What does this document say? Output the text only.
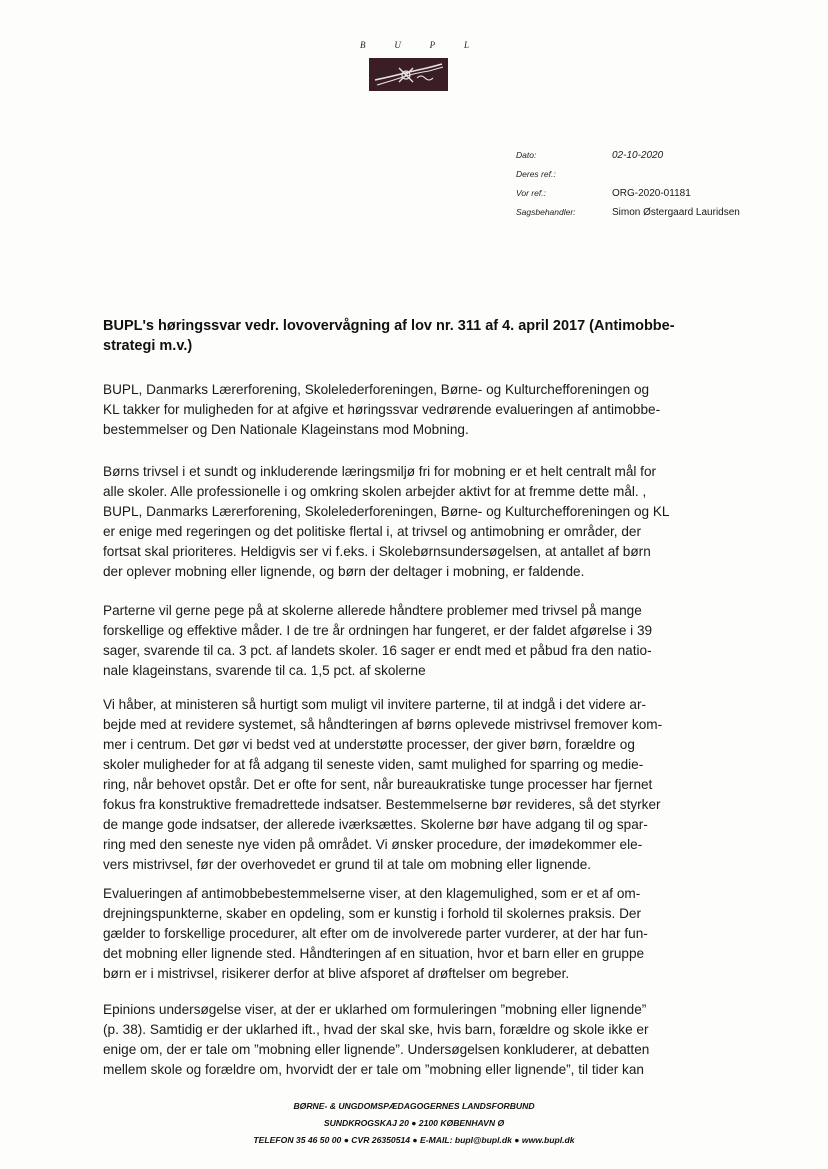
B	U	P	L
Dato:	02-10-2020
Deres ref.:
Vor ref.:	ORG-2020-01181
Sagsbehandler:	Simon Østergaard Lauridsen
BUPL's høringssvar vedr. lovovervågning af lov nr. 311 af 4. april 2017 (Antimobbe-
strategi m.v.)
BUPL, Danmarks Lærerforening, Skolelederforeningen, Børne- og Kulturchefforeningen og
KL takker for muligheden for at afgive et høringssvar vedrørende evalueringen af antimobbe-
bestemmelser og Den Nationale Klageinstans mod Mobning.
Børns trivsel i et sundt og inkluderende læringsmiljø fri for mobning er et helt centralt mål for
alle skoler. Alle professionelle i og omkring skolen arbejder aktivt for at fremme dette mål. ,
BUPL, Danmarks Lærerforening, Skolelederforeningen, Børne- og Kulturchefforeningen og KL
er enige med regeringen og det politiske flertal i, at trivsel og antimobning er områder, der
fortsat skal prioriteres. Heldigvis ser vi f.eks. i Skolebørnsundersøgelsen, at antallet af børn
der oplever mobning eller lignende, og børn der deltager i mobning, er faldende.
Parterne vil gerne pege på at skolerne allerede håndtere problemer med trivsel på mange
forskellige og effektive måder. I de tre år ordningen har fungeret, er der faldet afgørelse i 39
sager, svarende til ca. 3 pct. af landets skoler. 16 sager er endt med et påbud fra den natio-
nale klageinstans, svarende til ca. 1,5 pct. af skolerne
Vi håber, at ministeren så hurtigt som muligt vil invitere parterne, til at indgå i det videre ar-
bejde med at revidere systemet, så håndteringen af børns oplevede mistrivsel fremover kom-
mer i centrum. Det gør vi bedst ved at understøtte processer, der giver børn, forældre og
skoler muligheder for at få adgang til seneste viden, samt mulighed for sparring og mediе-
ring, når behovet opstår. Det er ofte for sent, når bureaukratiske tunge processer har fjernet
fokus fra konstruktive fremadrettede indsatser. Bestemmelserne bør revideres, så det styrker
de mange gode indsatser, der allerede iværksættes. Skolerne bør have adgang til og spar-
ring med den seneste nye viden på området. Vi ønsker procedure, der imødekommer ele-
vers mistrivsel, før der overhovedet er grund til at tale om mobning eller lignende.
Evalueringen af antimobbebestemmelserne viser, at den klagemulighed, som er et af om-
drejningspunkterne, skaber en opdeling, som er kunstig i forhold til skolernes praksis. Der
gælder to forskellige procedurer, alt efter om de involverede parter vurderer, at der har fun-
det mobning eller lignende sted. Håndteringen af en situation, hvor et barn eller en gruppe
børn er i mistrivsel, risikerer derfor at blive afsporet af drøftelser om begreber.
Epinions undersøgelse viser, at der er uklarhed om formuleringen ”mobning eller lignende”
(p. 38). Samtidig er der uklarhed ift., hvad der skal ske, hvis barn, forældre og skole ikke er
enige om, der er tale om ”mobning eller lignende”. Undersøgelsen konkluderer, at debatten
mellem skole og forældre om, hvorvidt der er tale om ”mobning eller lignende”, til tider kan
BØRNE- & UNGDOMSPÆDAGOGERNES LANDSFORBUND
SUNDKROGSKAJ 20 ● 2100 KØBENHAVN Ø
TELEFON 35 46 50 00 ● CVR 26350514 ● E-MAIL: bupl@bupl.dk ● www.bupl.dk
